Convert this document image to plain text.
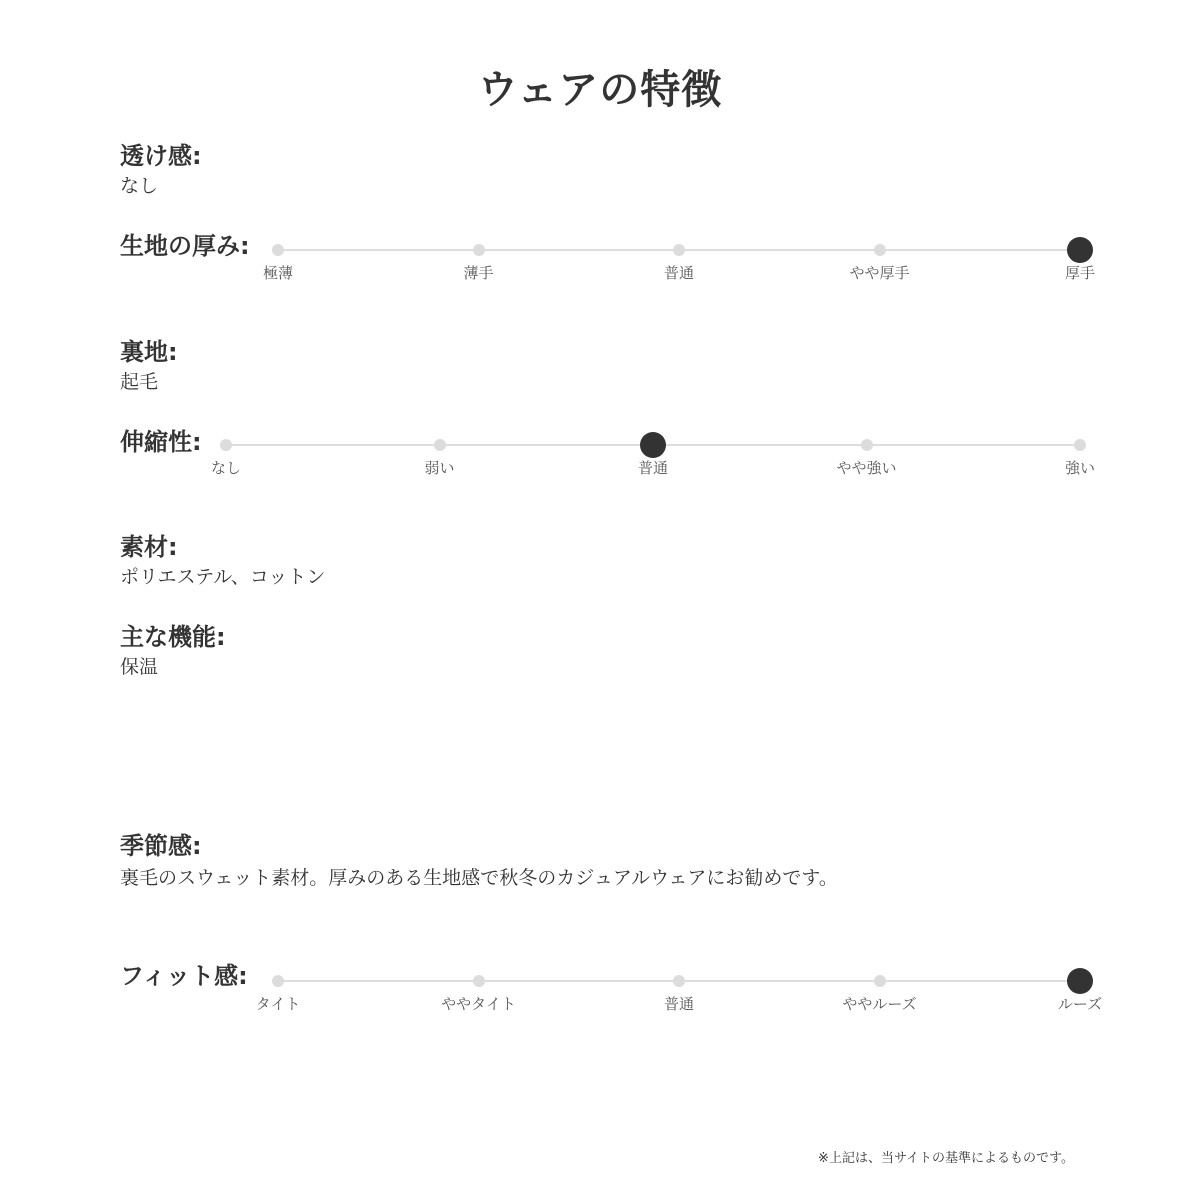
ウェアの特徴
透け感:
なし
生地の厚み:
極薄	薄手	普通	やや厚手	厚手
裏地:
起毛
伸縮性:
なし	弱い	普通	やや強い	強い
素材:
ポリエステル、コットン
主な機能:
保温
季節感:
裏毛のスウェット素材。厚みのある生地感で秋冬のカジュアルウェアにお勧めです。
フィット感:
タイト	ややタイト	普通	ややルーズ	ルーズ
※上記は、当サイトの基準によるものです。
